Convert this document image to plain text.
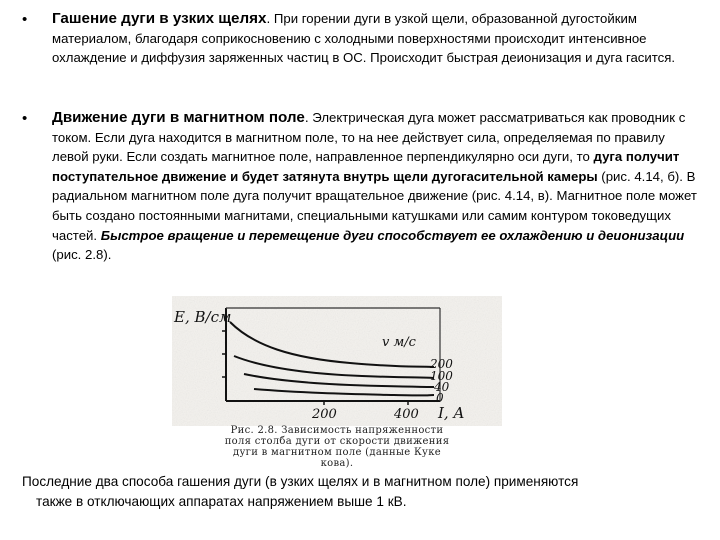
• Гашение дуги в узких щелях. При горении дуги в узкой щели, образованной дугостойким материалом, благодаря соприкосновению с холодными поверхностями происходит интенсивное охлаждение и диффузия заряженных частиц в ОС. Происходит быстрая деионизация и дуга гасится.

• Движение дуги в магнитном поле. Электрическая дуга может рассматриваться как проводник с током. Если дуга находится в магнитном поле, то на нее действует сила, определяемая по правилу левой руки. Если создать магнитное поле, направленное перпендикулярно оси дуги, то дуга получит поступательное движение и будет затянута внутрь щели дугогасительной камеры (рис. 4.14, б). В радиальном магнитном поле дуга получит вращательное движение (рис. 4.14, в). Магнитное поле может быть создано постоянными магнитами, специальными катушками или самим контуром токоведущих частей. Быстрое вращение и перемещение дуги способствует ее охлаждению и деионизации (рис. 2.8).

E, В/см
v м/с
200
100
40
0
200	400 I, A
Рис. 2.8. Зависимость напряженности
поля столба дуги от скорости движения
дуги в магнитном поле (данные Куке
кова).

Последние два способа гашения дуги (в узких щелях и в магнитном поле) применяются
также в отключающих аппаратах напряжением выше 1 кВ.
